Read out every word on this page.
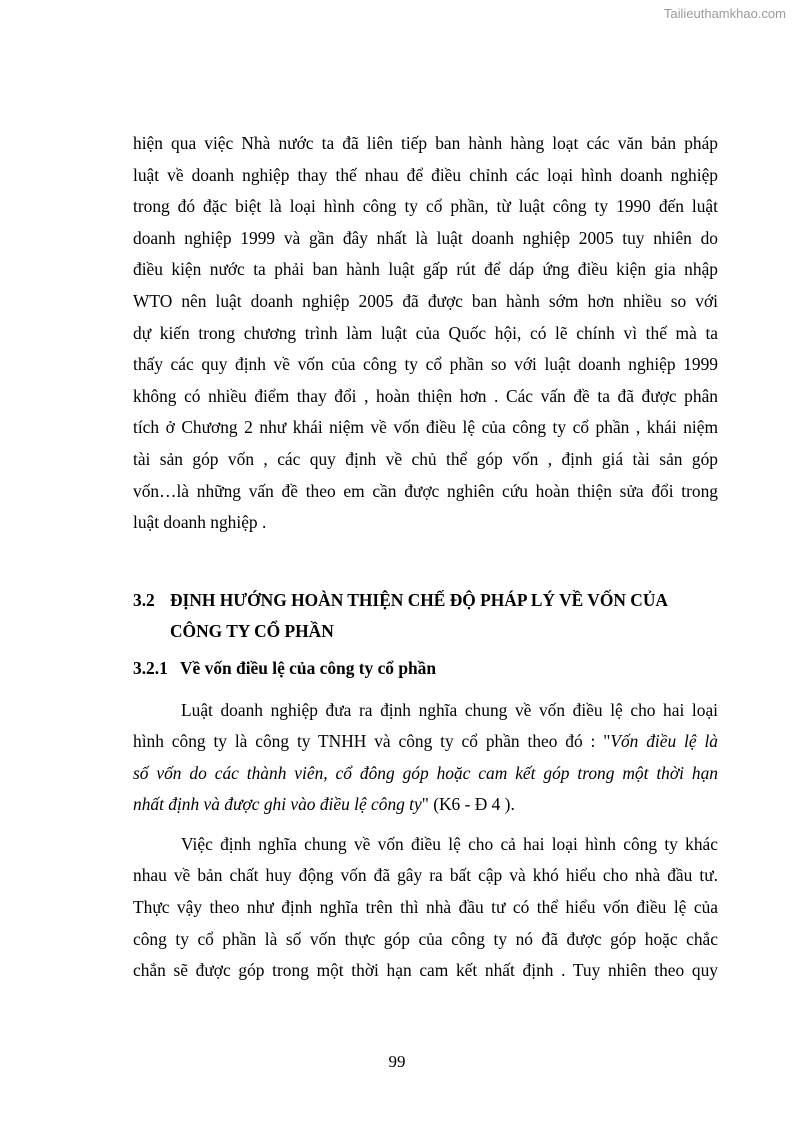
Tailieuthamkhao.com

hiện qua việc Nhà nước ta đã liên tiếp ban hành hàng loạt các văn bản pháp
luật về doanh nghiệp thay thế nhau để điều chỉnh các loại hình doanh nghiệp
trong đó đặc biệt là loại hình công ty cổ phần, từ luật công ty 1990 đến luật
doanh nghiệp 1999 và gần đây nhất là luật doanh nghiệp 2005 tuy nhiên do
điều kiện nước ta phải ban hành luật gấp rút để dáp ứng điều kiện gia nhập
WTO nên luật doanh nghiệp 2005 đã được ban hành sớm hơn nhiều so với
dự kiến trong chương trình làm luật của Quốc hội, có lẽ chính vì thế mà ta
thấy các quy định về vốn của công ty cổ phần so với luật doanh nghiệp 1999
không có nhiều điểm thay đổi , hoàn thiện hơn . Các vấn đề ta đã được phân
tích ở Chương 2 như khái niệm về vốn điều lệ của công ty cổ phần , khái niệm
tài sản góp vốn , các quy định về chủ thể góp vốn , định giá tài sản góp
vốn…là những vấn đề theo em cần được nghiên cứu hoàn thiện sửa đổi trong
luật doanh nghiệp .

3.2 ĐỊNH HƯỚNG HOÀN THIỆN CHẾ ĐỘ PHÁP LÝ VỀ VỐN CỦA
CÔNG TY CỔ PHẦN
3.2.1 Về vốn điều lệ của công ty cổ phần

Luật doanh nghiệp đưa ra định nghĩa chung về vốn điều lệ cho hai loại
hình công ty là công ty TNHH và công ty cổ phần theo đó : "Vốn điều lệ là
số vốn do các thành viên, cổ đông góp hoặc cam kết góp trong một thời hạn
nhất định và được ghi vào điều lệ công ty" (K6 - Đ 4 ).

Việc định nghĩa chung về vốn điều lệ cho cả hai loại hình công ty khác
nhau về bản chất huy động vốn đã gây ra bất cập và khó hiểu cho nhà đầu tư.
Thực vậy theo như định nghĩa trên thì nhà đầu tư có thể hiểu vốn điều lệ của
công ty cổ phần là số vốn thực góp của công ty nó đã được góp hoặc chắc
chắn sẽ được góp trong một thời hạn cam kết nhất định . Tuy nhiên theo quy

99
